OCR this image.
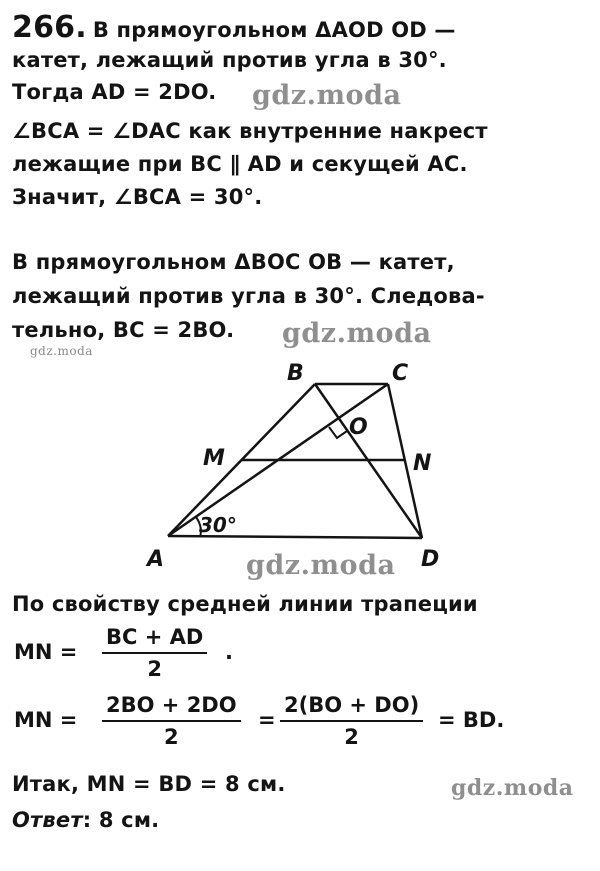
266. В прямоугольном ΔAOD OD —
катет, лежащий против угла в 30°.
Тогда AD = 2DO.
∠BCA = ∠DAC как внутренние накрест
лежащие при BC ∥ AD и секущей AC.
Значит, ∠BCA = 30°.
В прямоугольном ΔBOC OB — катет,
лежащий против угла в 30°. Следова-
тельно, BC = 2BO.
gdz.moda
gdz.moda
gdz.moda
gdz.moda
gdz.moda
B	C
O
M	N
A	D
30°
По свойству средней линии трапеции
MN = $\frac{BC + AD}{2}$ .
MN = $\frac{2BO + 2DO}{2} = \frac{2(BO + DO)}{2}$ = BD.
Итак, MN = BD = 8 см.
Ответ: 8 см.
